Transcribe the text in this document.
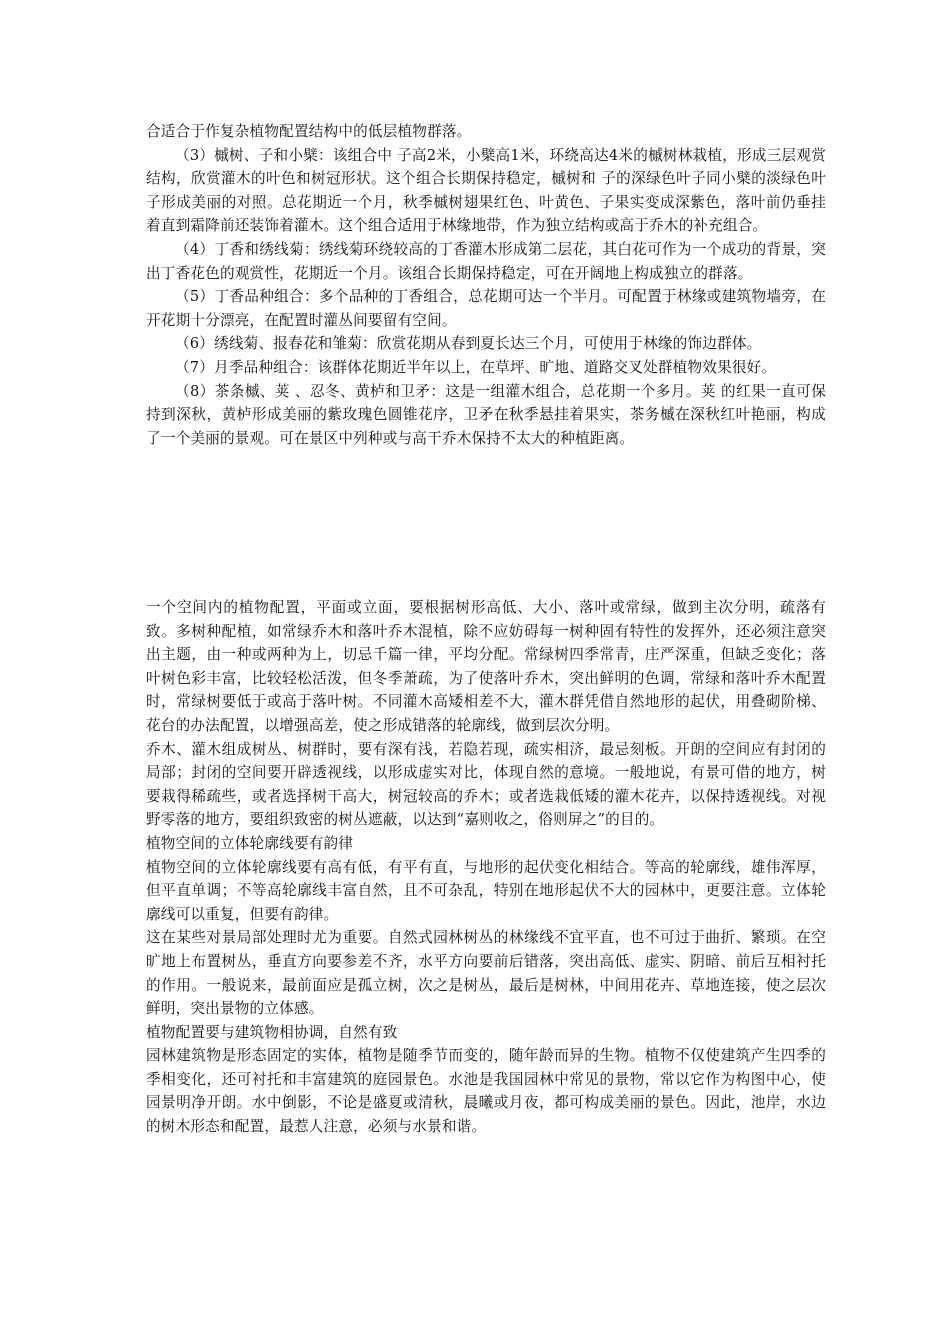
合适合于作复杂植物配置结构中的低层植物群落。

（3）槭树、子和小檗：该组合中 子高2米，小檗高1米，环绕高达4米的槭树林栽植，形成三层观赏结构，欣赏灌木的叶色和树冠形状。这个组合长期保持稳定，槭树和 子的深绿色叶子同小檗的淡绿色叶子形成美丽的对照。总花期近一个月，秋季槭树翅果红色、叶黄色、子果实变成深紫色，落叶前仍垂挂着直到霜降前还装饰着灌木。这个组合适用于林缘地带，作为独立结构或高于乔木的补充组合。

（4）丁香和绣线菊：绣线菊环绕较高的丁香灌木形成第二层花，其白花可作为一个成功的背景，突出丁香花色的观赏性，花期近一个月。该组合长期保持稳定，可在开阔地上构成独立的群落。

（5）丁香品种组合：多个品种的丁香组合，总花期可达一个半月。可配置于林缘或建筑物墙旁，在开花期十分漂亮，在配置时灌丛间要留有空间。

（6）绣线菊、报春花和雏菊：欣赏花期从春到夏长达三个月，可使用于林缘的饰边群体。

（7）月季品种组合：该群体花期近半年以上，在草坪、旷地、道路交叉处群植物效果很好。

（8）茶条槭、荚 、忍冬、黄栌和卫矛：这是一组灌木组合，总花期一个多月。荚 的红果一直可保持到深秋，黄栌形成美丽的紫玫瑰色圆锥花序，卫矛在秋季悬挂着果实，茶务槭在深秋红叶艳丽，构成了一个美丽的景观。可在景区中列种或与高干乔木保持不太大的种植距离。

一个空间内的植物配置，平面或立面，要根据树形高低、大小、落叶或常绿，做到主次分明，疏落有致。多树种配植，如常绿乔木和落叶乔木混植，除不应妨碍每一树种固有特性的发挥外，还必须注意突出主题，由一种或两种为上，切忌千篇一律，平均分配。常绿树四季常青，庄严深重，但缺乏变化；落叶树色彩丰富，比较轻松活泼，但冬季萧疏，为了使落叶乔木，突出鲜明的色调，常绿和落叶乔木配置时，常绿树要低于或高于落叶树。不同灌木高矮相差不大，灌木群凭借自然地形的起伏，用叠砌阶梯、花台的办法配置，以增强高差，使之形成错落的轮廓线，做到层次分明。

乔木、灌木组成树丛、树群时，要有深有浅，若隐若现，疏实相济，最忌刻板。开朗的空间应有封闭的局部；封闭的空间要开辟透视线，以形成虚实对比，体现自然的意境。一般地说，有景可借的地方，树要栽得稀疏些，或者选择树干高大，树冠较高的乔木；或者选栽低矮的灌木花卉，以保持透视线。对视野零落的地方，要组织致密的树丛遮蔽，以达到“嘉则收之，俗则屏之”的目的。

植物空间的立体轮廓线要有韵律

植物空间的立体轮廓线要有高有低，有平有直，与地形的起伏变化相结合。等高的轮廓线，雄伟浑厚，但平直单调；不等高轮廓线丰富自然，且不可杂乱，特别在地形起伏不大的园林中，更要注意。立体轮廓线可以重复，但要有韵律。

这在某些对景局部处理时尤为重要。自然式园林树丛的林缘线不宜平直，也不可过于曲折、繁琐。在空旷地上布置树丛，垂直方向要参差不齐，水平方向要前后错落，突出高低、虚实、阴暗、前后互相衬托的作用。一般说来，最前面应是孤立树，次之是树丛，最后是树林，中间用花卉、草地连接，使之层次鲜明，突出景物的立体感。

植物配置要与建筑物相协调，自然有致

园林建筑物是形态固定的实体，植物是随季节而变的，随年龄而异的生物。植物不仅使建筑产生四季的季相变化，还可衬托和丰富建筑的庭园景色。水池是我国园林中常见的景物，常以它作为构图中心，使园景明净开朗。水中倒影，不论是盛夏或清秋，晨曦或月夜，都可构成美丽的景色。因此，池岸，水边的树木形态和配置，最惹人注意，必须与水景和谐。
